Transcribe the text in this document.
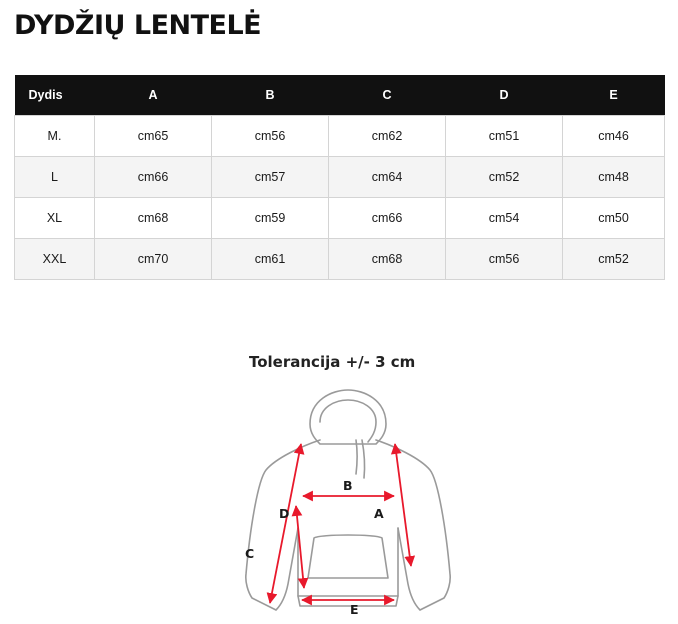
DYDŽIŲ LENTELĖ
Dydis	A	B	C	D	E
M.	cm65	cm56	cm62	cm51	cm46
L	cm66	cm57	cm64	cm52	cm48
XL	cm68	cm59	cm66	cm54	cm50
XXL	cm70	cm61	cm68	cm56	cm52
Tolerancija +/- 3 cm
A
B
C
D
E
